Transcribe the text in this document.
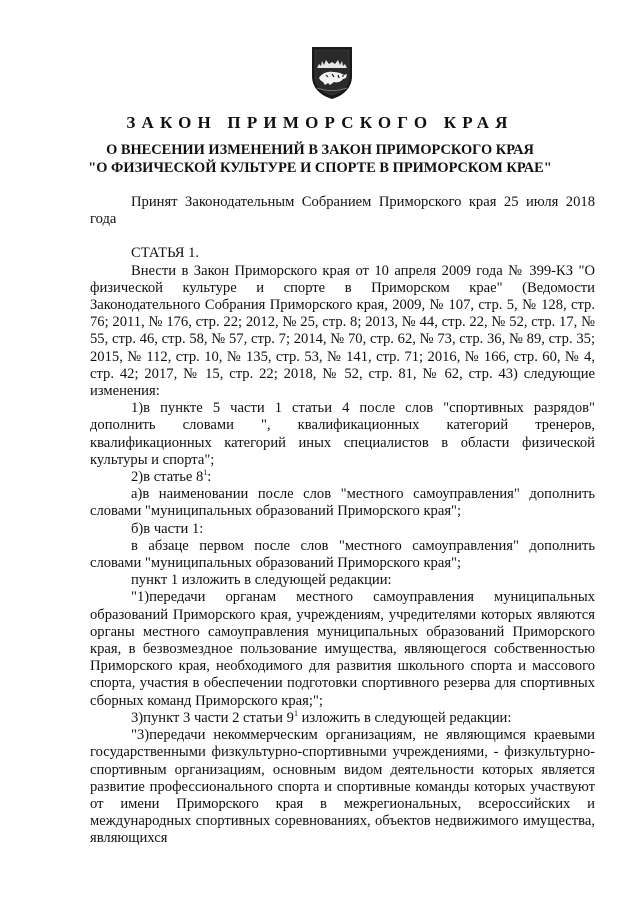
ЗАКОН ПРИМОРСКОГО КРАЯ
О ВНЕСЕНИИ ИЗМЕНЕНИЙ В ЗАКОН ПРИМОРСКОГО КРАЯ
"О ФИЗИЧЕСКОЙ КУЛЬТУРЕ И СПОРТЕ В ПРИМОРСКОМ КРАЕ"

Принят Законодательным Собранием Приморского края 25 июля 2018 года

СТАТЬЯ 1.

Внести в Закон Приморского края от 10 апреля 2009 года № 399-КЗ "О физической культуре и спорте в Приморском крае" (Ведомости Законодательного Собрания Приморского края, 2009, № 107, стр. 5, № 128, стр. 76; 2011, № 176, стр. 22; 2012, № 25, стр. 8; 2013, № 44, стр. 22, № 52, стр. 17, № 55, стр. 46, стр. 58, № 57, стр. 7; 2014, № 70, стр. 62, № 73, стр. 36, № 89, стр. 35; 2015, № 112, стр. 10, № 135, стр. 53, № 141, стр. 71; 2016, № 166, стр. 60, № 4, стр. 42; 2017, № 15, стр. 22; 2018, № 52, стр. 81, № 62, стр. 43) следующие изменения:

1)в пункте 5 части 1 статьи 4 после слов "спортивных разрядов" дополнить словами ", квалификационных категорий тренеров, квалификационных категорий иных специалистов в области физической культуры и спорта";

2)в статье $8^1$:

а)в наименовании после слов "местного самоуправления" дополнить словами "муниципальных образований Приморского края";

б)в части 1:

в абзаце первом после слов "местного самоуправления" дополнить словами "муниципальных образований Приморского края";

пункт 1 изложить в следующей редакции:

"1)передачи органам местного самоуправления муниципальных образований Приморского края, учреждениям, учредителями которых являются органы местного самоуправления муниципальных образований Приморского края, в безвозмездное пользование имущества, являющегося собственностью Приморского края, необходимого для развития школьного спорта и массового спорта, участия в обеспечении подготовки спортивного резерва для спортивных сборных команд Приморского края;";

3)пункт 3 части 2 статьи $9^1$ изложить в следующей редакции:

"3)передачи некоммерческим организациям, не являющимся краевыми государственными физкультурно-спортивными учреждениями, - физкультурно-спортивным организациям, основным видом деятельности которых является развитие профессионального спорта и спортивные команды которых участвуют от имени Приморского края в межрегиональных, всероссийских и международных спортивных соревнованиях, объектов недвижимого имущества, являющихся
